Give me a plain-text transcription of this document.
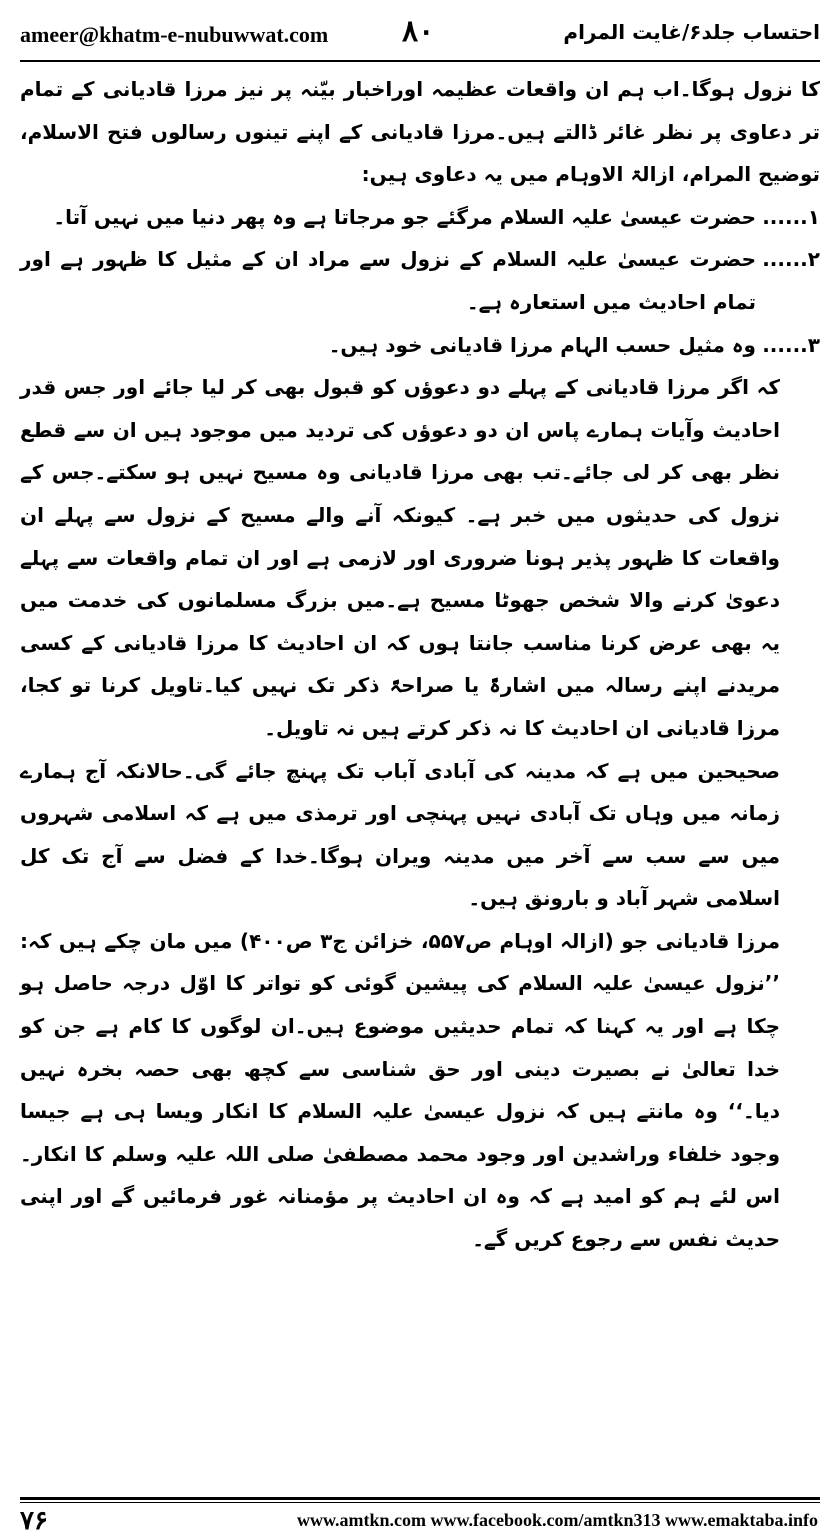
ameer@khatm-e-nubuwwat.com ۸۰	احتساب جلد۶/غایت المرام

کا نزول ہوگا۔اب ہم ان واقعات عظیمہ اوراخبار بیّنہ پر نیز مرزا قادیانی کے تمام تر دعاوی پر نظر غائر ڈالتے ہیں۔مرزا قادیانی کے اپنے تینوں رسالوں فتح الاسلام، توضیح المرام، ازالۃ الاوہام میں یہ دعاوی ہیں:

۱......
حضرت عیسیٰ علیہ السلام مرگئے جو مرجاتا ہے وہ پھر دنیا میں نہیں آتا۔
۲......
حضرت عیسیٰ علیہ السلام کے نزول سے مراد ان کے مثیل کا ظہور ہے اور تمام احادیث میں استعارہ ہے۔
۳......
وہ مثیل حسب الہام مرزا قادیانی خود ہیں۔

کہ اگر مرزا قادیانی کے پہلے دو دعوؤں کو قبول بھی کر لیا جائے اور جس قدر احادیث وآیات ہمارے پاس ان دو دعوؤں کی تردید میں موجود ہیں ان سے قطع نظر بھی کر لی جائے۔تب بھی مرزا قادیانی وہ مسیح نہیں ہو سکتے۔جس کے نزول کی حدیثوں میں خبر ہے۔ کیونکہ آنے والے مسیح کے نزول سے پہلے ان واقعات کا ظہور پذیر ہونا ضروری اور لازمی ہے اور ان تمام واقعات سے پہلے دعویٰ کرنے والا شخص جھوٹا مسیح ہے۔میں بزرگ مسلمانوں کی خدمت میں یہ بھی عرض کرنا مناسب جانتا ہوں کہ ان احادیث کا مرزا قادیانی کے کسی مریدنے اپنے رسالہ میں اشارۃً یا صراحۃً ذکر تک نہیں کیا۔تاویل کرنا تو کجا، مرزا قادیانی ان احادیث کا نہ ذکر کرتے ہیں نہ تاویل۔

صحیحین میں ہے کہ مدینہ کی آبادی آباب تک پہنچ جائے گی۔حالانکہ آج ہمارے زمانہ میں وہاں تک آبادی نہیں پہنچی اور ترمذی میں ہے کہ اسلامی شہروں میں سے سب سے آخر میں مدینہ ویران ہوگا۔خدا کے فضل سے آج تک کل اسلامی شہر آباد و بارونق ہیں۔

مرزا قادیانی جو (ازالہ اوہام ص۵۵۷، خزائن ج۳ ص۴۰۰) میں مان چکے ہیں کہ: ’’نزول عیسیٰ علیہ السلام کی پیشین گوئی کو تواتر کا اوّل درجہ حاصل ہو چکا ہے اور یہ کہنا کہ تمام حدیثیں موضوع ہیں۔ان لوگوں کا کام ہے جن کو خدا تعالیٰ نے بصیرت دینی اور حق شناسی سے کچھ بھی حصہ بخرہ نہیں دیا۔‘‘ وہ مانتے ہیں کہ نزول عیسیٰ علیہ السلام کا انکار ویسا ہی ہے جیسا وجود خلفاء وراشدین اور وجود محمد مصطفیٰ صلی اللہ علیہ وسلم کا انکار۔اس لئے ہم کو امید ہے کہ وہ ان احادیث پر مؤمنانہ غور فرمائیں گے اور اپنی حدیث نفس سے رجوع کریں گے۔

۷۶	www.amtkn.com www.facebook.com/amtkn313 www.emaktaba.info
